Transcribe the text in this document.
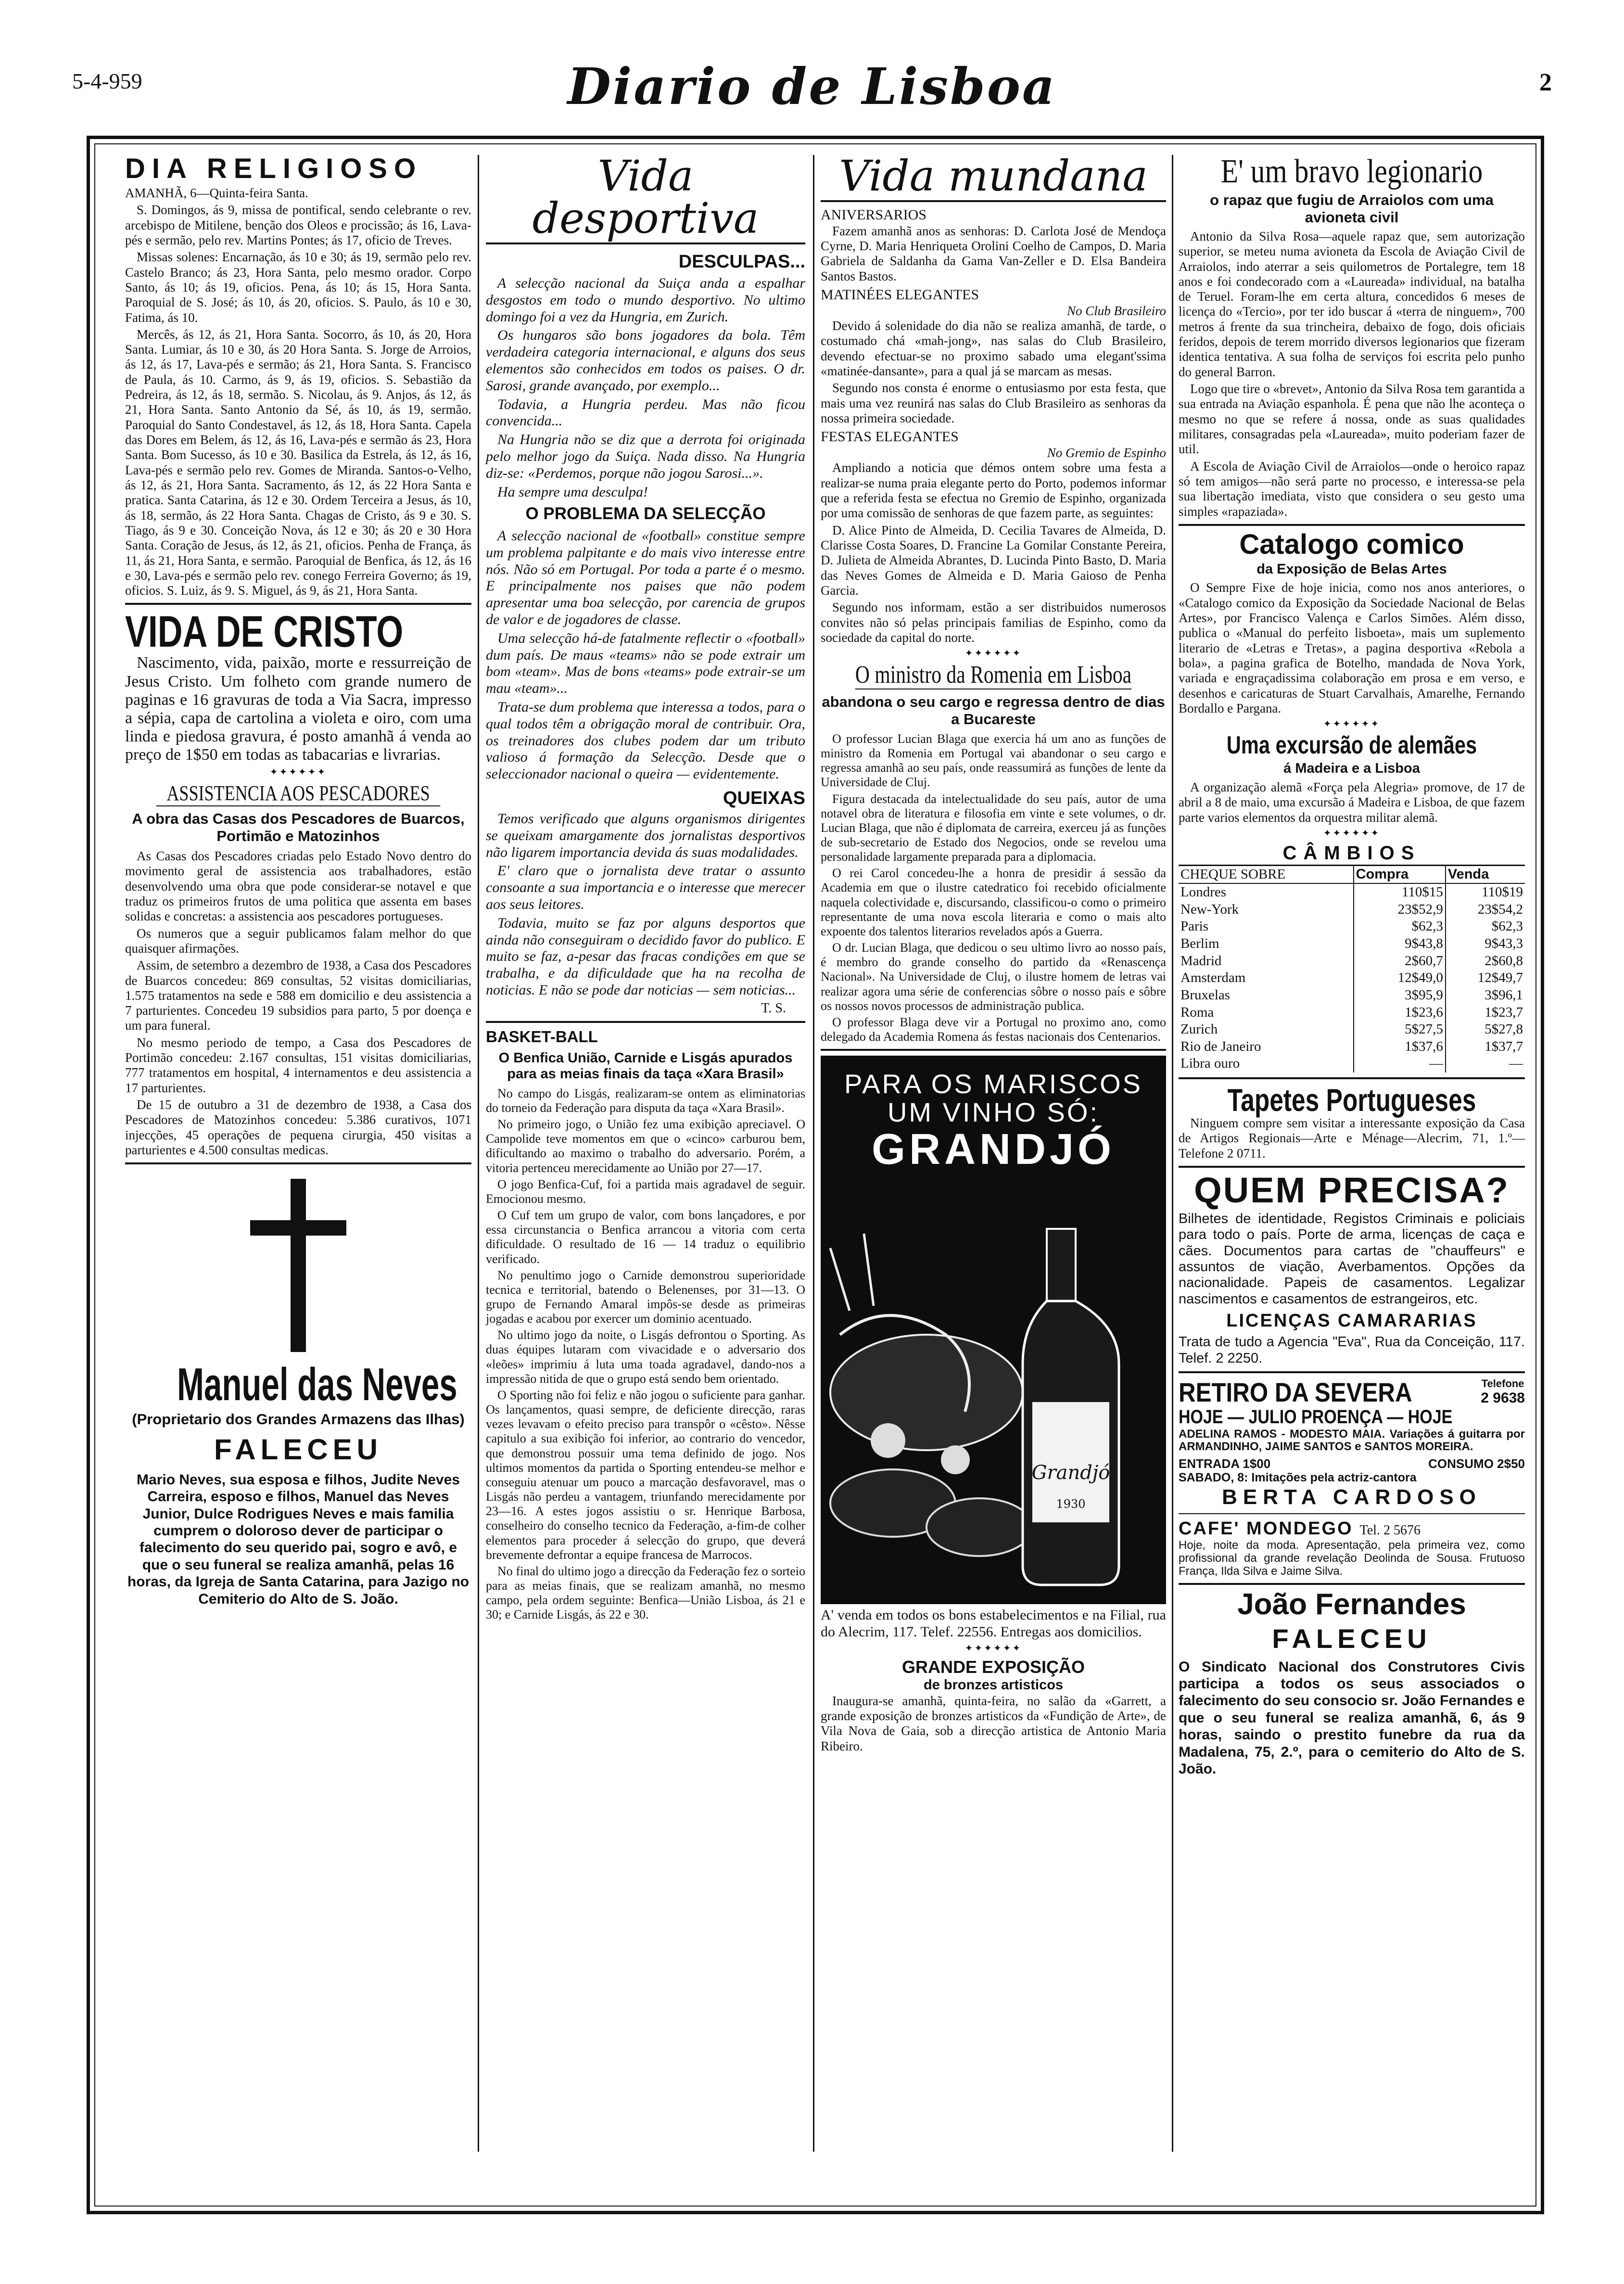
5-4-959	Diario de Lisboa	2
DIA RELIGIOSO

AMANHÃ, 6—Quinta-feira Santa.

S. Domingos, ás 9, missa de pontifical, sendo celebrante o rev. arcebispo de Mitilene, benção dos Oleos e procissão; ás 16, Lava-pés e sermão, pelo rev. Martins Pontes; ás 17, oficio de Treves.

Missas solenes: Encarnação, ás 10 e 30; ás 19, sermão pelo rev. Castelo Branco; ás 23, Hora Santa, pelo mesmo orador. Corpo Santo, ás 10; ás 19, oficios. Pena, ás 10; ás 15, Hora Santa. Paroquial de S. José; ás 10, ás 20, oficios. S. Paulo, ás 10 e 30, Fatima, ás 10.

Mercês, ás 12, ás 21, Hora Santa. Socorro, ás 10, ás 20, Hora Santa. Lumiar, ás 10 e 30, ás 20 Hora Santa. S. Jorge de Arroios, ás 12, ás 17, Lava-pés e sermão; ás 21, Hora Santa. S. Francisco de Paula, ás 10. Carmo, ás 9, ás 19, oficios. S. Sebastião da Pedreira, ás 12, ás 18, sermão. S. Nicolau, ás 9. Anjos, ás 12, ás 21, Hora Santa. Santo Antonio da Sé, ás 10, ás 19, sermão. Paroquial do Santo Condestavel, ás 12, ás 18, Hora Santa. Capela das Dores em Belem, ás 12, ás 16, Lava-pés e sermão ás 23, Hora Santa. Bom Sucesso, ás 10 e 30. Basilica da Estrela, ás 12, ás 16, Lava-pés e sermão pelo rev. Gomes de Miranda. Santos-o-Velho, ás 12, ás 21, Hora Santa. Sacramento, ás 12, ás 22 Hora Santa e pratica. Santa Catarina, ás 12 e 30. Ordem Terceira a Jesus, ás 10, ás 18, sermão, ás 22 Hora Santa. Chagas de Cristo, ás 9 e 30. S. Tiago, ás 9 e 30. Conceição Nova, ás 12 e 30; ás 20 e 30 Hora Santa. Coração de Jesus, ás 12, ás 21, oficios. Penha de França, ás 11, ás 21, Hora Santa, e sermão. Paroquial de Benfica, ás 12, ás 16 e 30, Lava-pés e sermão pelo rev. conego Ferreira Governo; ás 19, oficios. S. Luiz, ás 9. S. Miguel, ás 9, ás 21, Hora Santa.

VIDA DE CRISTO

Nascimento, vida, paixão, morte e ressurreição de Jesus Cristo. Um folheto com grande numero de paginas e 16 gravuras de toda a Via Sacra, impresso a sépia, capa de cartolina a violeta e oiro, com uma linda e piedosa gravura, é posto amanhã á venda ao preço de 1$50 em todas as tabacarias e livrarias.

✦✦✦✦✦✦
ASSISTENCIA AOS PESCADORES
A obra das Casas dos Pescadores de Buarcos, Portimão e Matozinhos

As Casas dos Pescadores criadas pelo Estado Novo dentro do movimento geral de assistencia aos trabalhadores, estão desenvolvendo uma obra que pode considerar-se notavel e que traduz os primeiros frutos de uma politica que assenta em bases solidas e concretas: a assistencia aos pescadores portugueses.

Os numeros que a seguir publicamos falam melhor do que quaisquer afirmações.

Assim, de setembro a dezembro de 1938, a Casa dos Pescadores de Buarcos concedeu: 869 consultas, 52 visitas domiciliarias, 1.575 tratamentos na sede e 588 em domicilio e deu assistencia a 7 parturientes. Concedeu 19 subsidios para parto, 5 por doença e um para funeral.

No mesmo periodo de tempo, a Casa dos Pescadores de Portimão concedeu: 2.167 consultas, 151 visitas domiciliarias, 777 tratamentos em hospital, 4 internamentos e deu assistencia a 17 parturientes.

De 15 de outubro a 31 de dezembro de 1938, a Casa dos Pescadores de Matozinhos concedeu: 5.386 curativos, 1071 injecções, 45 operações de pequena cirurgia, 450 visitas a parturientes e 4.500 consultas medicas.

Manuel das Neves
(Proprietario dos Grandes Armazens das Ilhas)
FALECEU
Mario Neves, sua esposa e filhos, Judite Neves Carreira, esposo e filhos, Manuel das Neves Junior, Dulce Rodrigues Neves e mais familia cumprem o doloroso dever de participar o falecimento do seu querido pai, sogro e avô, e que o seu funeral se realiza amanhã, pelas 16 horas, da Igreja de Santa Catarina, para Jazigo no Cemiterio do Alto de S. João.
Vida desportiva
DESCULPAS...

A selecção nacional da Suiça anda a espalhar desgostos em todo o mundo desportivo. No ultimo domingo foi a vez da Hungria, em Zurich.

Os hungaros são bons jogadores da bola. Têm verdadeira categoria internacional, e alguns dos seus elementos são conhecidos em todos os paises. O dr. Sarosi, grande avançado, por exemplo...

Todavia, a Hungria perdeu. Mas não ficou convencida...

Na Hungria não se diz que a derrota foi originada pelo melhor jogo da Suiça. Nada disso. Na Hungria diz-se: «Perdemos, porque não jogou Sarosi...».

Ha sempre uma desculpa!

O PROBLEMA DA SELECÇÃO

A selecção nacional de «football» constitue sempre um problema palpitante e do mais vivo interesse entre nós. Não só em Portugal. Por toda a parte é o mesmo. E principalmente nos paises que não podem apresentar uma boa selecção, por carencia de grupos de valor e de jogadores de classe.

Uma selecção há-de fatalmente reflectir o «football» dum país. De maus «teams» não se pode extrair um bom «team». Mas de bons «teams» pode extrair-se um mau «team»...

Trata-se dum problema que interessa a todos, para o qual todos têm a obrigação moral de contribuir. Ora, os treinadores dos clubes podem dar um tributo valioso á formação da Selecção. Desde que o seleccionador nacional o queira — evidentemente.

QUEIXAS

Temos verificado que alguns organismos dirigentes se queixam amargamente dos jornalistas desportivos não ligarem importancia devida ás suas modalidades.

E' claro que o jornalista deve tratar o assunto consoante a sua importancia e o interesse que merecer aos seus leitores.

Todavia, muito se faz por alguns desportos que ainda não conseguiram o decidido favor do publico. E muito se faz, a-pesar das fracas condições em que se trabalha, e da dificuldade que ha na recolha de noticias. E não se pode dar noticias — sem noticias...

T. S.
BASKET-BALL
O Benfica União, Carnide e Lisgás apurados para as meias finais da taça «Xara Brasil»

No campo do Lisgás, realizaram-se ontem as eliminatorias do torneio da Federação para disputa da taça «Xara Brasil».

No primeiro jogo, o União fez uma exibição apreciavel. O Campolide teve momentos em que o «cinco» carburou bem, dificultando ao maximo o trabalho do adversario. Porém, a vitoria pertenceu merecidamente ao União por 27—17.

O jogo Benfica-Cuf, foi a partida mais agradavel de seguir. Emocionou mesmo.

O Cuf tem um grupo de valor, com bons lançadores, e por essa circunstancia o Benfica arrancou a vitoria com certa dificuldade. O resultado de 16 — 14 traduz o equilibrio verificado.

No penultimo jogo o Carnide demonstrou superioridade tecnica e territorial, batendo o Belenenses, por 31—13. O grupo de Fernando Amaral impôs-se desde as primeiras jogadas e acabou por exercer um dominio acentuado.

No ultimo jogo da noite, o Lisgás defrontou o Sporting. As duas équipes lutaram com vivacidade e o adversario dos «leões» imprimiu á luta uma toada agradavel, dando-nos a impressão nitida de que o grupo está sendo bem orientado.

O Sporting não foi feliz e não jogou o suficiente para ganhar. Os lançamentos, quasi sempre, de deficiente direcção, raras vezes levavam o efeito preciso para transpôr o «cêsto». Nêsse capitulo a sua exibição foi inferior, ao contrario do vencedor, que demonstrou possuir uma tema definido de jogo. Nos ultimos momentos da partida o Sporting entendeu-se melhor e conseguiu atenuar um pouco a marcação desfavoravel, mas o Lisgás não perdeu a vantagem, triunfando merecidamente por 23—16. A estes jogos assistiu o sr. Henrique Barbosa, conselheiro do conselho tecnico da Federação, a-fim-de colher elementos para proceder á selecção do grupo, que deverá brevemente defrontar a equipe francesa de Marrocos.

No final do ultimo jogo a direcção da Federação fez o sorteio para as meias finais, que se realizam amanhã, no mesmo campo, pela ordem seguinte: Benfica—União Lisboa, ás 21 e 30; e Carnide Lisgás, ás 22 e 30.

Vida mundana
ANIVERSARIOS

Fazem amanhã anos as senhoras: D. Carlota José de Mendoça Cyrne, D. Maria Henriqueta Orolini Coelho de Campos, D. Maria Gabriela de Saldanha da Gama Van-Zeller e D. Elsa Bandeira Santos Bastos.

MATINÉES ELEGANTES
No Club Brasileiro

Devido á solenidade do dia não se realiza amanhã, de tarde, o costumado chá «mah-jong», nas salas do Club Brasileiro, devendo efectuar-se no proximo sabado uma elegant'ssima «matinée-dansante», para a qual já se marcam as mesas.

Segundo nos consta é enorme o entusiasmo por esta festa, que mais uma vez reunirá nas salas do Club Brasileiro as senhoras da nossa primeira sociedade.

FESTAS ELEGANTES
No Gremio de Espinho

Ampliando a noticia que démos ontem sobre uma festa a realizar-se numa praia elegante perto do Porto, podemos informar que a referida festa se efectua no Gremio de Espinho, organizada por uma comissão de senhoras de que fazem parte, as seguintes:

D. Alice Pinto de Almeida, D. Cecilia Tavares de Almeida, D. Clarisse Costa Soares, D. Francine La Gomilar Constante Pereira, D. Julieta de Almeida Abrantes, D. Lucinda Pinto Basto, D. Maria das Neves Gomes de Almeida e D. Maria Gaioso de Penha Garcia.

Segundo nos informam, estão a ser distribuidos numerosos convites não só pelas principais familias de Espinho, como da sociedade da capital do norte.

✦✦✦✦✦✦
O ministro da Romenia em Lisboa
abandona o seu cargo e regressa dentro de dias a Bucareste

O professor Lucian Blaga que exercia há um ano as funções de ministro da Romenia em Portugal vai abandonar o seu cargo e regressa amanhã ao seu país, onde reassumirá as funções de lente da Universidade de Cluj.

Figura destacada da intelectualidade do seu país, autor de uma notavel obra de literatura e filosofia em vinte e sete volumes, o dr. Lucian Blaga, que não é diplomata de carreira, exerceu já as funções de sub-secretario de Estado dos Negocios, onde se revelou uma personalidade largamente preparada para a diplomacia.

O rei Carol concedeu-lhe a honra de presidir á sessão da Academia em que o ilustre catedratico foi recebido oficialmente naquela colectividade e, discursando, classificou-o como o primeiro representante de uma nova escola literaria e como o mais alto expoente dos talentos literarios revelados após a Guerra.

O dr. Lucian Blaga, que dedicou o seu ultimo livro ao nosso país, é membro do grande conselho do partido da «Renascença Nacional». Na Universidade de Cluj, o ilustre homem de letras vai realizar agora uma série de conferencias sôbre o nosso país e sôbre os nossos novos processos de administração publica.

O professor Blaga deve vir a Portugal no proximo ano, como delegado da Academia Romena ás festas nacionais dos Centenarios.

PARA OS MARISCOS
UM VINHO SÓ:
GRANDJÓ
Grandjó
1930
A' venda em todos os bons estabelecimentos e na Filial, rua do Alecrim, 117. Telef. 22556. Entregas aos domicilios.
✦✦✦✦✦✦
GRANDE EXPOSIÇÃO
de bronzes artisticos

Inaugura-se amanhã, quinta-feira, no salão da «Garrett, a grande exposição de bronzes artisticos da «Fundição de Arte», de Vila Nova de Gaia, sob a direcção artistica de Antonio Maria Ribeiro.

E' um bravo legionario
o rapaz que fugiu de Arraiolos com uma avioneta civil

Antonio da Silva Rosa—aquele rapaz que, sem autorização superior, se meteu numa avioneta da Escola de Aviação Civil de Arraiolos, indo aterrar a seis quilometros de Portalegre, tem 18 anos e foi condecorado com a «Laureada» individual, na batalha de Teruel. Foram-lhe em certa altura, concedidos 6 meses de licença do «Tercio», por ter ido buscar á «terra de ninguem», 700 metros á frente da sua trincheira, debaixo de fogo, dois oficiais feridos, depois de terem morrido diversos legionarios que fizeram identica tentativa. A sua folha de serviços foi escrita pelo punho do general Barron.

Logo que tire o «brevet», Antonio da Silva Rosa tem garantida a sua entrada na Aviação espanhola. É pena que não lhe aconteça o mesmo no que se refere á nossa, onde as suas qualidades militares, consagradas pela «Laureada», muito poderiam fazer de util.

A Escola de Aviação Civil de Arraiolos—onde o heroico rapaz só tem amigos—não será parte no processo, e interessa-se pela sua libertação imediata, visto que considera o seu gesto uma simples «rapaziada».

Catalogo comico
da Exposição de Belas Artes

O Sempre Fixe de hoje inicia, como nos anos anteriores, o «Catalogo comico da Exposição da Sociedade Nacional de Belas Artes», por Francisco Valença e Carlos Simões. Além disso, publica o «Manual do perfeito lisboeta», mais um suplemento literario de «Letras e Tretas», a pagina desportiva «Rebola a bola», a pagina grafica de Botelho, mandada de Nova York, variada e engraçadissima colaboração em prosa e em verso, e desenhos e caricaturas de Stuart Carvalhais, Amarelhe, Fernando Bordallo e Pargana.

✦✦✦✦✦✦
Uma excursão de alemães
á Madeira e a Lisboa

A organização alemã «Força pela Alegria» promove, de 17 de abril a 8 de maio, uma excursão á Madeira e Lisboa, de que fazem parte varios elementos da orquestra militar alemã.

✦✦✦✦✦✦
CÂMBIOS
CHEQUE SOBRE	Compra	Venda
Londres	110$15	110$19
New-York	23$52,9	23$54,2
Paris	$62,3	$62,3
Berlim	9$43,8	9$43,3
Madrid	2$60,7	2$60,8
Amsterdam	12$49,0	12$49,7
Bruxelas	3$95,9	3$96,1
Roma	1$23,6	1$23,7
Zurich	5$27,5	5$27,8
Rio de Janeiro	1$37,6	1$37,7
Libra ouro	—	—
Tapetes Portugueses

Ninguem compre sem visitar a interessante exposição da Casa de Artigos Regionais—Arte e Ménage—Alecrim, 71, 1.º—Telefone 2 0711.

QUEM PRECISA?
Bilhetes de identidade, Registos Criminais e policiais para todo o país. Porte de arma, licenças de caça e cães. Documentos para cartas de "chauffeurs" e assuntos de viação, Averbamentos. Opções da nacionalidade. Papeis de casamentos. Legalizar nascimentos e casamentos de estrangeiros, etc.
LICENÇAS CAMARARIAS
Trata de tudo a Agencia "Eva", Rua da Conceição, 117. Telef. 2 2250.
RETIRO DA SEVERA	Telefone
2 9638
HOJE — JULIO PROENÇA — HOJE
ADELINA RAMOS - MODESTO MAIA. Variações á guitarra por ARMANDINHO, JAIME SANTOS e SANTOS MOREIRA.
ENTRADA 1$00	CONSUMO 2$50
SABADO, 8: Imitações pela actriz-cantora
BERTA CARDOSO
CAFE' MONDEGO Tel. 2 5676
Hoje, noite da moda. Apresentação, pela primeira vez, como profissional da grande revelação Deolinda de Sousa. Frutuoso França, Ilda Silva e Jaime Silva.
João Fernandes
FALECEU
O Sindicato Nacional dos Construtores Civis participa a todos os seus associados o falecimento do seu consocio sr. João Fernandes e que o seu funeral se realiza amanhã, 6, ás 9 horas, saindo o prestito funebre da rua da Madalena, 75, 2.º, para o cemiterio do Alto de S. João.
